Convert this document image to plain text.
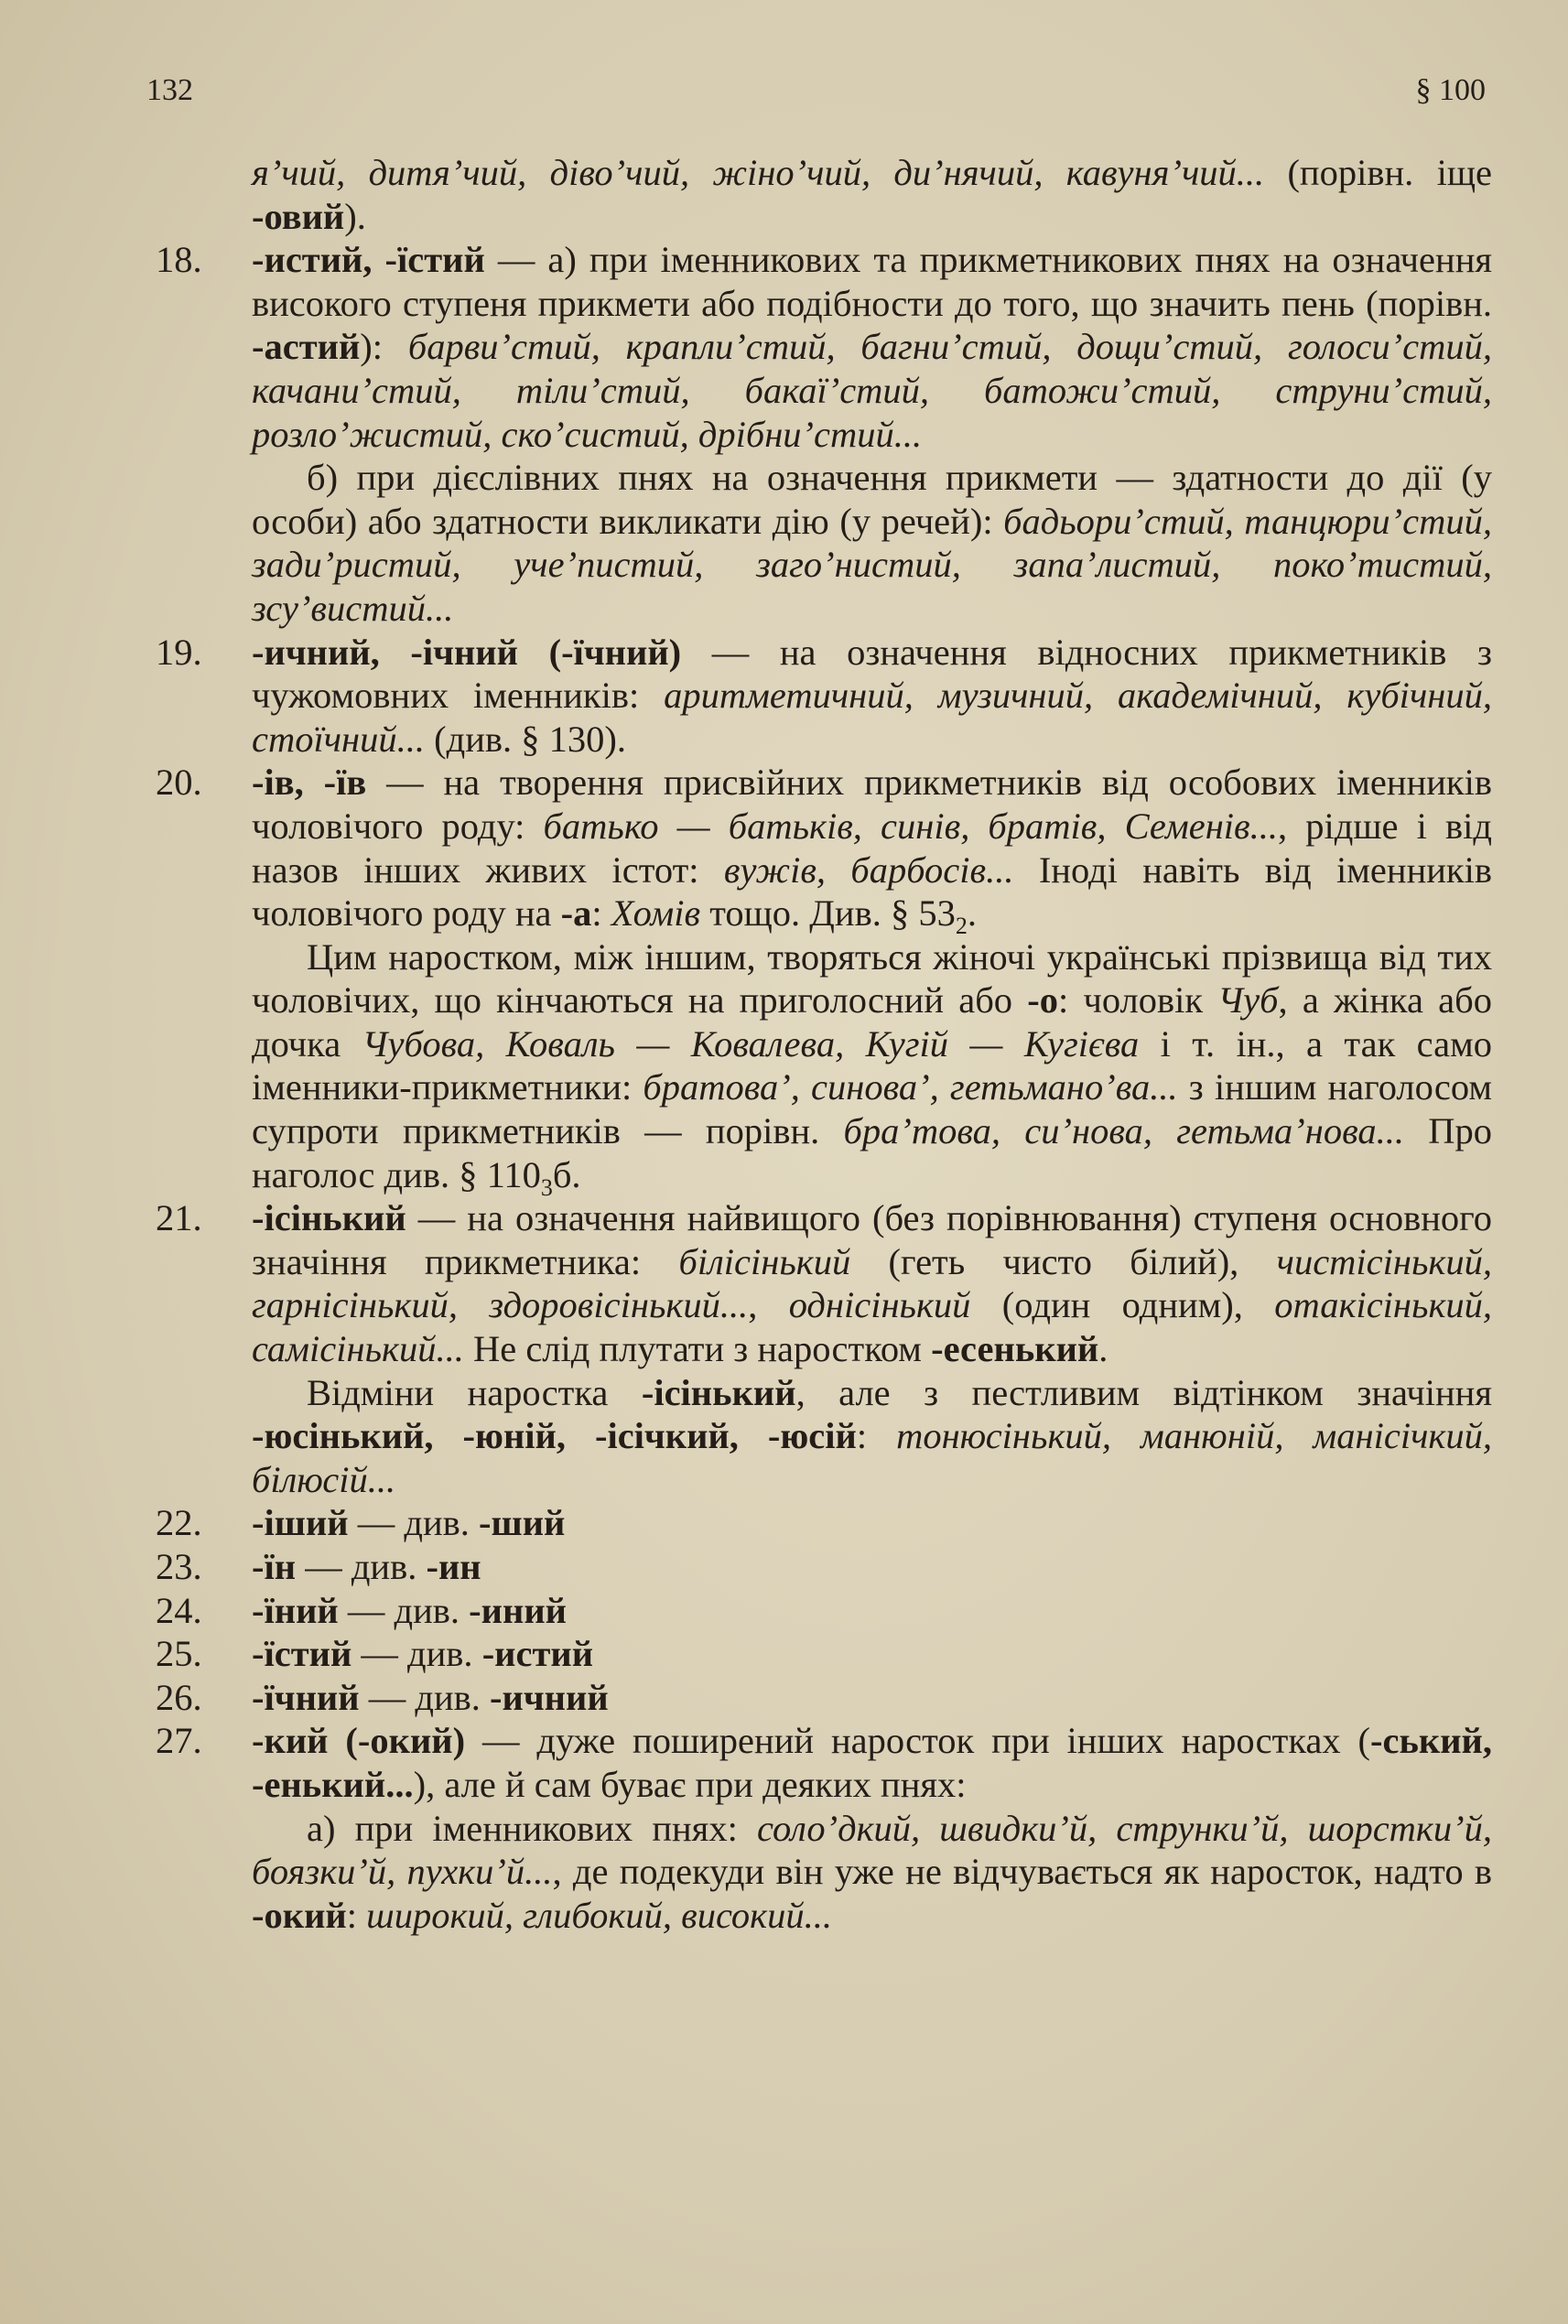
132	§ 100
я’чий, дитя’чий, діво’чий, жіно’чий, ди’нячий, кавуня’чий... (порівн. іще -овий).
18. -истий, -їстий — а) при іменникових та прикметникових пнях на означення високого ступеня прикмети або подібности до того, що значить пень (порівн. -астий): барви’стий, крапли’стий, багни’стий, дощи’стий, голоси’стий, качани’стий, тіли’стий, бакаї’стий, батожи’стий, струни’стий, розло’жистий, ско’систий, дрібни’стий...
б) при дієслівних пнях на означення прикмети — здатности до дії (у особи) або здатности викликати дію (у речей): бадьори’стий, танцюри’стий, зади’ристий, уче’пистий, заго’нистий, запа’листий, поко’тистий, зсу’вистий...
19. -ичний, -ічний (-їчний) — на означення відносних прикметників з чужомовних іменників: аритметичний, музичний, академічний, кубічний, стоїчний... (див. § 130).
20. -ів, -їв — на творення присвійних прикметників від особових іменників чоловічого роду: батько — батьків, синів, братів, Семенів..., рідше і від назов інших живих істот: вужів, барбосів... Іноді навіть від іменників чоловічого роду на -а: Хомів тощо. Див. § $53_2$.
Цим наростком, між іншим, творяться жіночі українські прізвища від тих чоловічих, що кінчаються на приголосний або -о: чоловік Чуб, а жінка або дочка Чубова, Коваль — Ковалева, Кугій — Кугієва і т. ін., а так само іменники-прикметники: братова’, синова’, гетьмано’ва... з іншим наголосом супроти прикметників — порівн. бра’това, си’нова, гетьма’нова... Про наголос див. § $110_3б$.
21. -ісінький — на означення найвищого (без порівнювання) ступеня основного значіння прикметника: білісінький (геть чисто білий), чистісінький, гарнісінький, здоровісінький..., однісінький (один одним), отакісінький, самісінький... Не слід плутати з наростком -есенький.
Відміни наростка -ісінький, але з пестливим відтінком значіння -юсінький, -юній, -ісічкий, -юсій: тонюсінький, манюній, манісічкий, білюсій...
22. -іший — див. -ший
23. -їн — див. -ин
24. -їний — див. -иний
25. -їстий — див. -истий
26. -їчний — див. -ичний
27. -кий (-окий) — дуже поширений наросток при інших наростках (-ський, -енький...), але й сам буває при деяких пнях:
а) при іменникових пнях: соло’дкий, швидки’й, струнки’й, шорстки’й, боязки’й, пухки’й..., де подекуди він уже не відчувається як наросток, надто в -окий: широкий, глибокий, високий...
